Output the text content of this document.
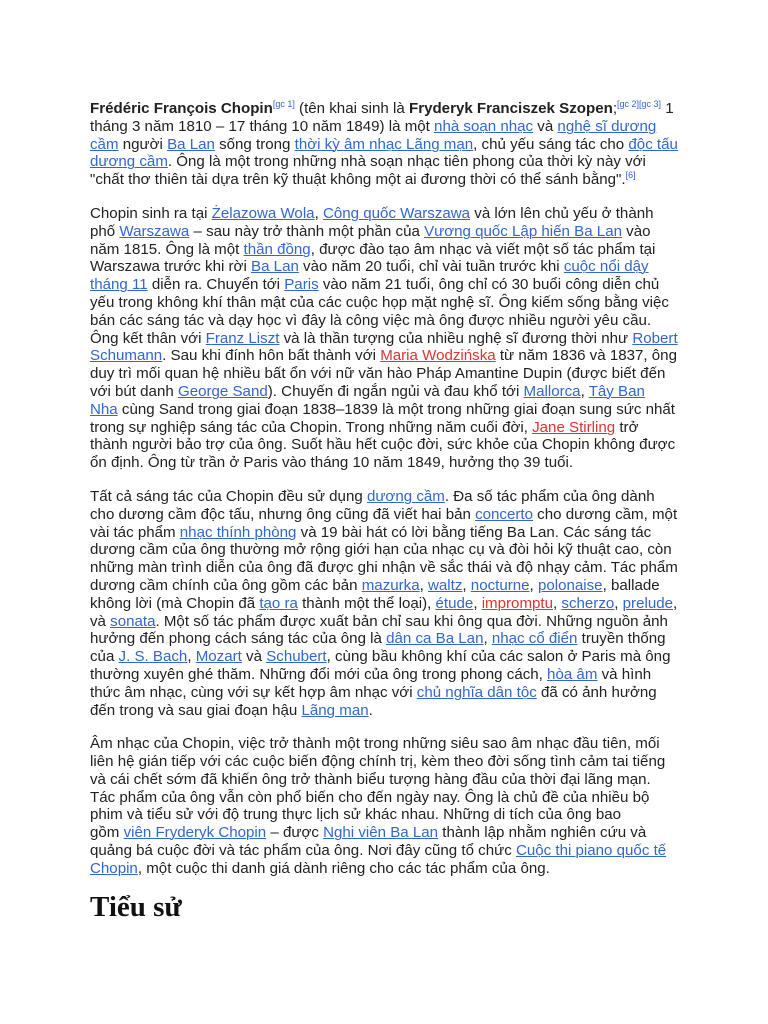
Frédéric François Chopin[gc 1] (tên khai sinh là Fryderyk Franciszek Szopen;[gc 2][gc 3] 1
tháng 3 năm 1810 – 17 tháng 10 năm 1849) là một nhà soạn nhạc và nghệ sĩ dương
cầm người Ba Lan sống trong thời kỳ âm nhạc Lãng mạn, chủ yếu sáng tác cho độc tấu
dương cầm. Ông là một trong những nhà soạn nhạc tiên phong của thời kỳ này với
"chất thơ thiên tài dựa trên kỹ thuật không một ai đương thời có thể sánh bằng".[6]
Chopin sinh ra tại Żelazowa Wola, Công quốc Warszawa và lớn lên chủ yếu ở thành
phố Warszawa – sau này trở thành một phần của Vương quốc Lập hiến Ba Lan vào
năm 1815. Ông là một thần đồng, được đào tạo âm nhạc và viết một số tác phẩm tại
Warszawa trước khi rời Ba Lan vào năm 20 tuổi, chỉ vài tuần trước khi cuộc nổi dậy
tháng 11 diễn ra. Chuyển tới Paris vào năm 21 tuổi, ông chỉ có 30 buổi công diễn chủ
yếu trong không khí thân mật của các cuộc họp mặt nghệ sĩ. Ông kiếm sống bằng việc
bán các sáng tác và dạy học vì đây là công việc mà ông được nhiều người yêu cầu.
Ông kết thân với Franz Liszt và là thần tượng của nhiều nghệ sĩ đương thời như Robert
Schumann. Sau khi đính hôn bất thành với Maria Wodzińska từ năm 1836 và 1837, ông
duy trì mối quan hệ nhiều bất ổn với nữ văn hào Pháp Amantine Dupin (được biết đến
với bút danh George Sand). Chuyến đi ngắn ngủi và đau khổ tới Mallorca, Tây Ban
Nha cùng Sand trong giai đoạn 1838–1839 là một trong những giai đoạn sung sức nhất
trong sự nghiệp sáng tác của Chopin. Trong những năm cuối đời, Jane Stirling trở
thành người bảo trợ của ông. Suốt hầu hết cuộc đời, sức khỏe của Chopin không được
ổn định. Ông từ trần ở Paris vào tháng 10 năm 1849, hưởng thọ 39 tuổi.
Tất cả sáng tác của Chopin đều sử dụng dương cầm. Đa số tác phẩm của ông dành
cho dương cầm độc tấu, nhưng ông cũng đã viết hai bản concerto cho dương cầm, một
vài tác phẩm nhạc thính phòng và 19 bài hát có lời bằng tiếng Ba Lan. Các sáng tác
dương cầm của ông thường mở rộng giới hạn của nhạc cụ và đòi hỏi kỹ thuật cao, còn
những màn trình diễn của ông đã được ghi nhận về sắc thái và độ nhạy cảm. Tác phẩm
dương cầm chính của ông gồm các bản mazurka, waltz, nocturne, polonaise, ballade
không lời (mà Chopin đã tạo ra thành một thể loại), étude, impromptu, scherzo, prelude,
và sonata. Một số tác phẩm được xuất bản chỉ sau khi ông qua đời. Những nguồn ảnh
hưởng đến phong cách sáng tác của ông là dân ca Ba Lan, nhạc cổ điển truyền thống
của J. S. Bach, Mozart và Schubert, cùng bầu không khí của các salon ở Paris mà ông
thường xuyên ghé thăm. Những đổi mới của ông trong phong cách, hòa âm và hình
thức âm nhạc, cùng với sự kết hợp âm nhạc với chủ nghĩa dân tộc đã có ảnh hưởng
đến trong và sau giai đoạn hậu Lãng mạn.
Âm nhạc của Chopin, việc trở thành một trong những siêu sao âm nhạc đầu tiên, mối
liên hệ gián tiếp với các cuộc biến động chính trị, kèm theo đời sống tình cảm tai tiếng
và cái chết sớm đã khiến ông trở thành biểu tượng hàng đầu của thời đại lãng mạn.
Tác phẩm của ông vẫn còn phổ biến cho đến ngày nay. Ông là chủ đề của nhiều bộ
phim và tiểu sử với độ trung thực lịch sử khác nhau. Những di tích của ông bao
gồm viên Fryderyk Chopin – được Nghi viên Ba Lan thành lập nhằm nghiên cứu và
quảng bá cuộc đời và tác phẩm của ông. Nơi đây cũng tổ chức Cuộc thi piano quốc tế
Chopin, một cuộc thi danh giá dành riêng cho các tác phẩm của ông.
Tiểu sử
